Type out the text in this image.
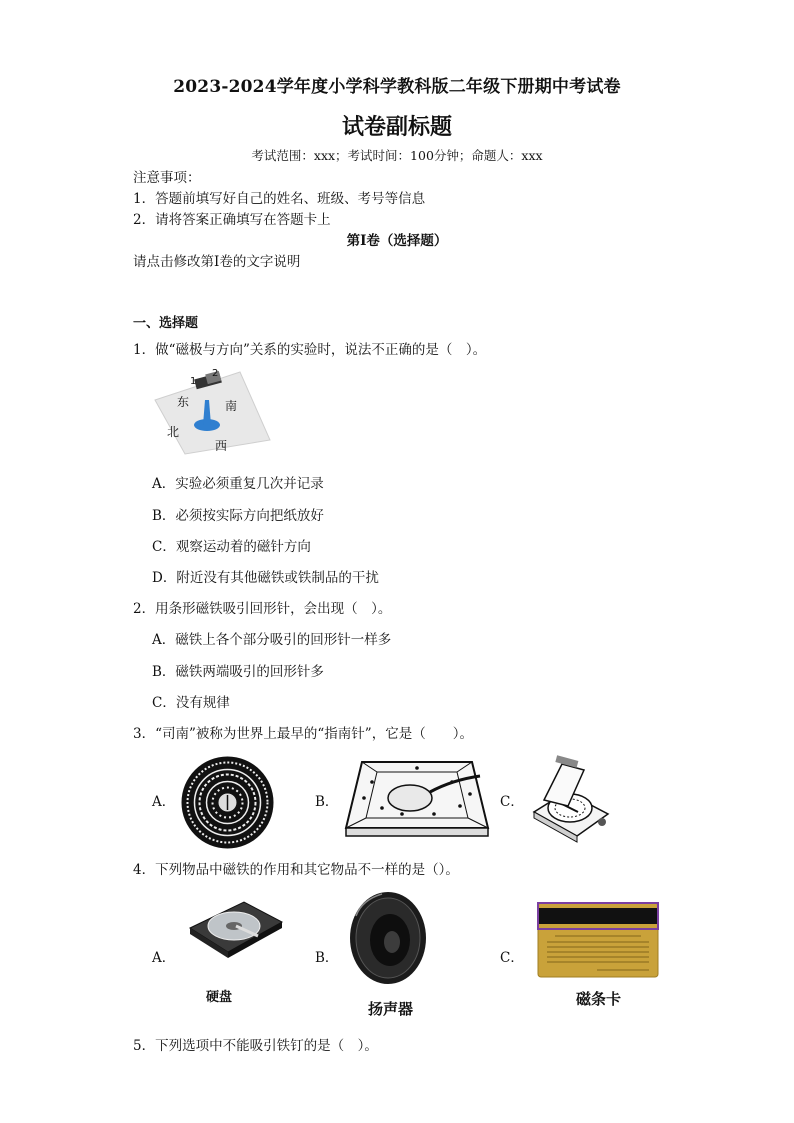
2023-2024学年度小学科学教科版二年级下册期中考试卷
试卷副标题
考试范围：xxx；考试时间：100分钟；命题人：xxx
注意事项：
1．答题前填写好自己的姓名、班级、考号等信息
2．请将答案正确填写在答题卡上
第I卷（选择题）
请点击修改第I卷的文字说明
一、选择题
1．做“磁极与方向”关系的实验时，说法不正确的是（　）。
1
2
东	南
北
西
A．实验必须重复几次并记录
B．必须按实际方向把纸放好
C．观察运动着的磁针方向
D．附近没有其他磁铁或铁制品的干扰
2．用条形磁铁吸引回形针，会出现（　）。
A．磁铁上各个部分吸引的回形针一样多
B．磁铁两端吸引的回形针多
C．没有规律
3．“司南”被称为世界上最早的“指南针”，它是（　　）。
A．	B．	C．
4．下列物品中磁铁的作用和其它物品不一样的是（）。
A．
硬盘
B．
扬声器
C．
磁条卡
5．下列选项中不能吸引铁钉的是（　）。
